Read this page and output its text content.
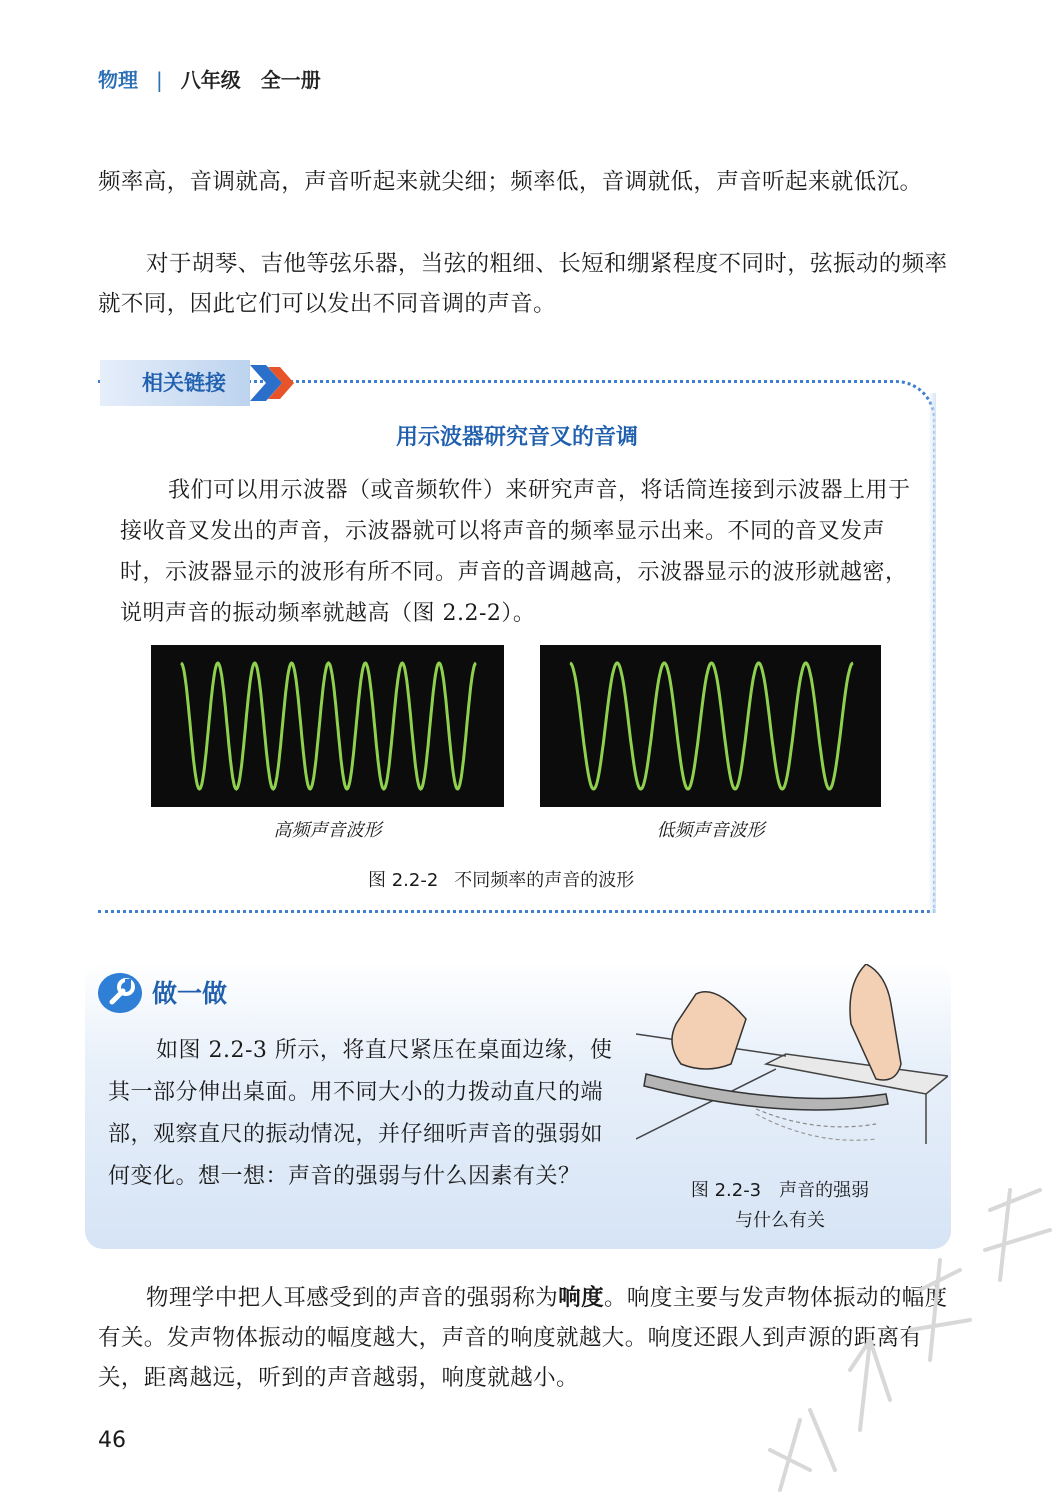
物理 | 八年级　全一册
频率高，音调就高，声音听起来就尖细；频率低，音调就低，声音听起来就低沉。
对于胡琴、吉他等弦乐器，当弦的粗细、长短和绷紧程度不同时，弦振动的频率就不同，因此它们可以发出不同音调的声音。
相关链接
用示波器研究音叉的音调
我们可以用示波器（或音频软件）来研究声音，将话筒连接到示波器上用于接收音叉发出的声音，示波器就可以将声音的频率显示出来。不同的音叉发声时，示波器显示的波形有所不同。声音的音调越高，示波器显示的波形就越密，说明声音的振动频率就越高（图 2.2-2）。
高频声音波形	低频声音波形
图 2.2-2 不同频率的声音的波形
做一做
如图 2.2-3 所示，将直尺紧压在桌面边缘，使其一部分伸出桌面。用不同大小的力拨动直尺的端部，观察直尺的振动情况，并仔细听声音的强弱如何变化。想一想：声音的强弱与什么因素有关？
图 2.2-3　 声音的强弱
与什么有关
物理学中把人耳感受到的声音的强弱称为响度。响度主要与发声物体振动的幅度有关。发声物体振动的幅度越大，声音的响度就越大。响度还跟人到声源的距离有关，距离越远，听到的声音越弱，响度就越小。
46
